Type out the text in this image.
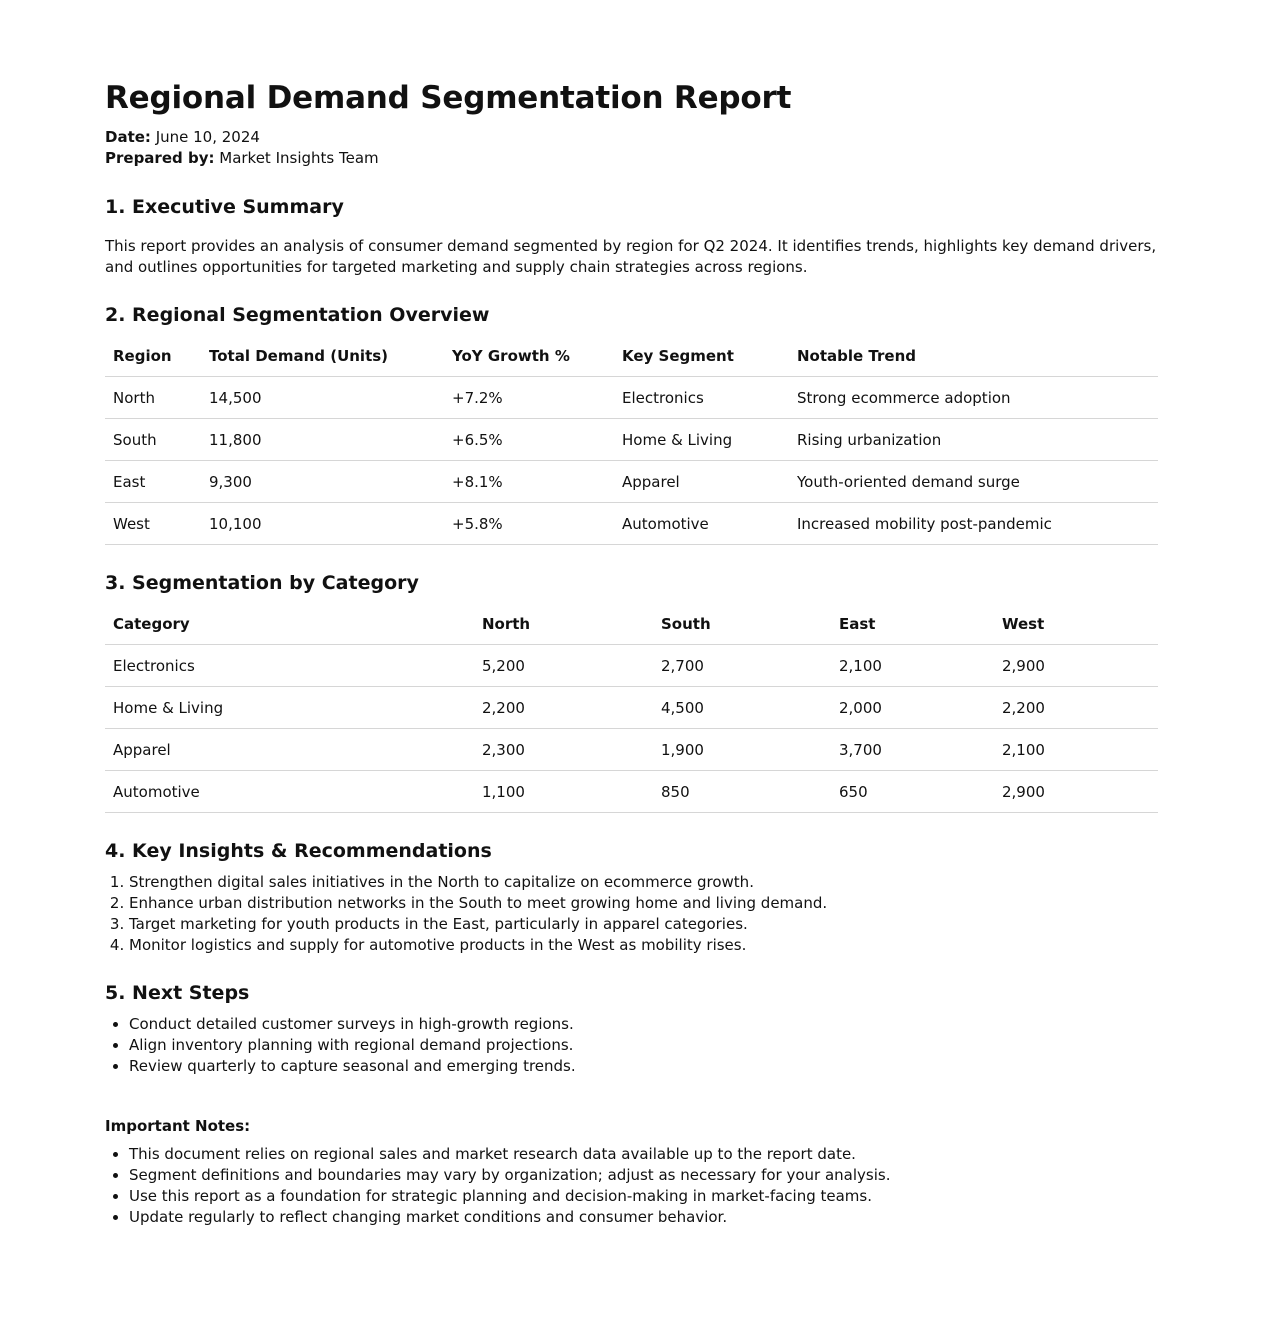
Regional Demand Segmentation Report
Date: June 10, 2024
Prepared by: Market Insights Team
1. Executive Summary

This report provides an analysis of consumer demand segmented by region for Q2 2024. It identifies trends, highlights key demand drivers, and outlines opportunities for targeted marketing and supply chain strategies across regions.

2. Regional Segmentation Overview
Region	Total Demand (Units)	YoY Growth %	Key Segment	Notable Trend
North	14,500	+7.2%	Electronics	Strong ecommerce adoption
South	11,800	+6.5%	Home & Living	Rising urbanization
East	9,300	+8.1%	Apparel	Youth-oriented demand surge
West	10,100	+5.8%	Automotive	Increased mobility post-pandemic
3. Segmentation by Category
Category	North	South	East	West
Electronics	5,200	2,700	2,100	2,900
Home & Living	2,200	4,500	2,000	2,200
Apparel	2,300	1,900	3,700	2,100
Automotive	1,100	850	650	2,900
4. Key Insights & Recommendations
1. Strengthen digital sales initiatives in the North to capitalize on ecommerce growth.
2. Enhance urban distribution networks in the South to meet growing home and living demand.
3. Target marketing for youth products in the East, particularly in apparel categories.
4. Monitor logistics and supply for automotive products in the West as mobility rises.
5. Next Steps
• Conduct detailed customer surveys in high-growth regions.
• Align inventory planning with regional demand projections.
• Review quarterly to capture seasonal and emerging trends.
Important Notes:
• This document relies on regional sales and market research data available up to the report date.
• Segment definitions and boundaries may vary by organization; adjust as necessary for your analysis.
• Use this report as a foundation for strategic planning and decision-making in market-facing teams.
• Update regularly to reflect changing market conditions and consumer behavior.
